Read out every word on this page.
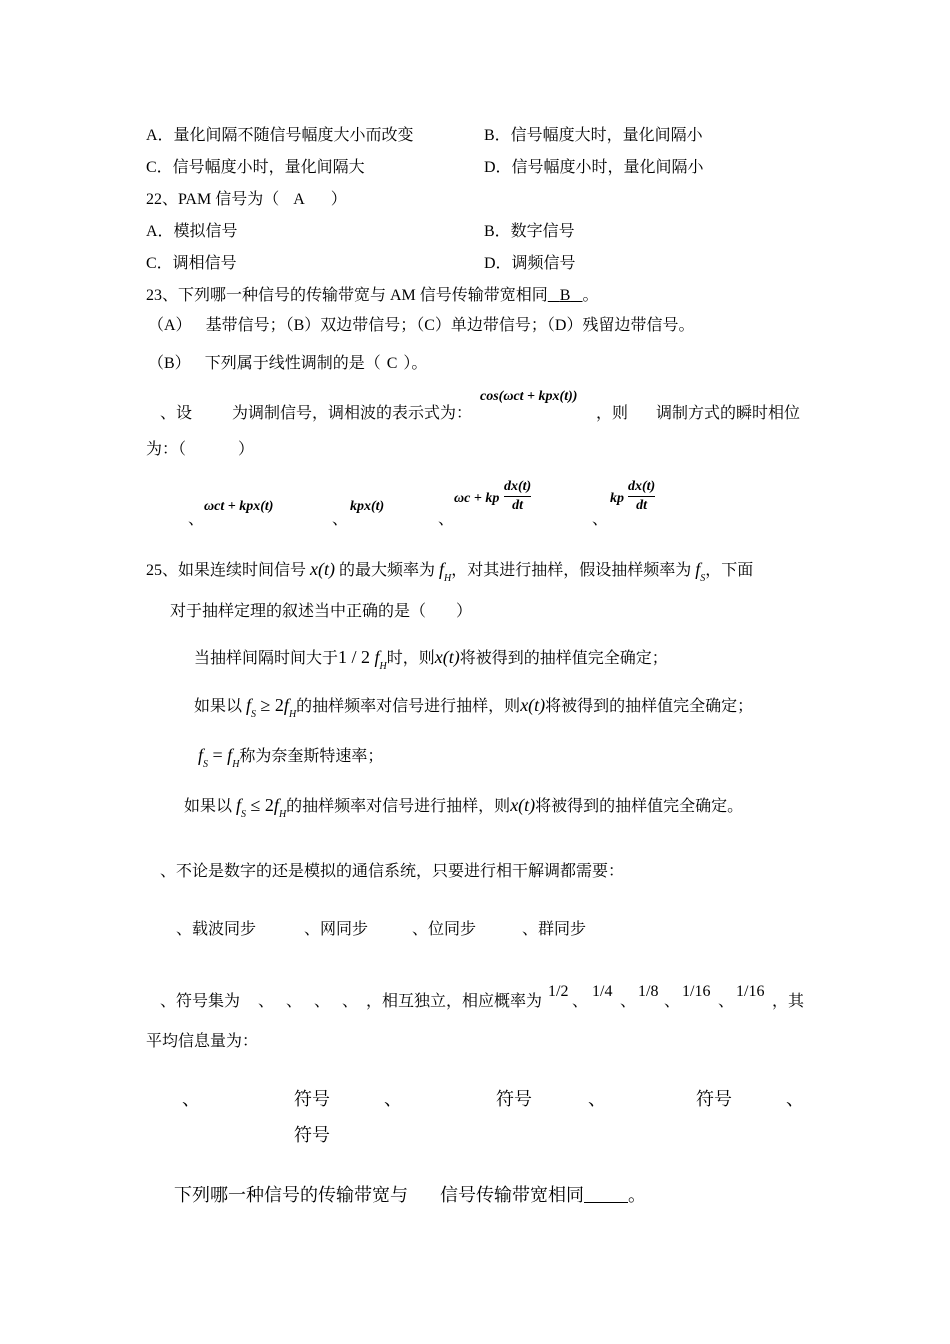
A．量化间隔不随信号幅度大小而改变	B．信号幅度大时，量化间隔小
C．信号幅度小时，量化间隔大	D．信号幅度小时，量化间隔小
22、PAM 信号为（ A ）
A．模拟信号	B．数字信号
C．调相信号	D．调频信号
23、下列哪一种信号的传输带宽与 AM 信号传输带宽相同 B 。
（A） 基带信号；（B）双边带信号；（C）单边带信号；（D）残留边带信号。
（B） 下列属于线性调制的是（ C ）。
、设 为调制信号，调相波的表示式为：
cos(ωct + kpx(t))
，则 调制方式的瞬时相位
为：（	）
、
ωct + kpx(t)
、
kpx(t)
、
ωc + kp
dx(t)
dt
、
kp
dx(t)
dt
25、如果连续时间信号 x(t) 的最大频率为 $f_H$，对其进行抽样，假设抽样频率为 $f_S$，下面
对于抽样定理的叙述当中正确的是（ ）
当抽样间隔时间大于1 / 2 $f_H$时，则x(t)将被得到的抽样值完全确定；
如果以 $f_S \ge 2f_H$的抽样频率对信号进行抽样，则x(t)将被得到的抽样值完全确定；
$f_S = f_H$称为奈奎斯特速率；
如果以 $f_S \le 2f_H$的抽样频率对信号进行抽样，则x(t)将被得到的抽样值完全确定。
、不论是数字的还是模拟的通信系统，只要进行相干解调都需要：
、载波同步	、网同步	、位同步	、群同步
、符号集为 、 、 、 、 ，相互独立，相应概率为
1/2
、
1/4
、
1/8
、
1/16
、
1/16
，其
平均信息量为：
、	符号	、	符号	、	符号	、
符号
下列哪一种信号的传输带宽与 信号传输带宽相同 。
